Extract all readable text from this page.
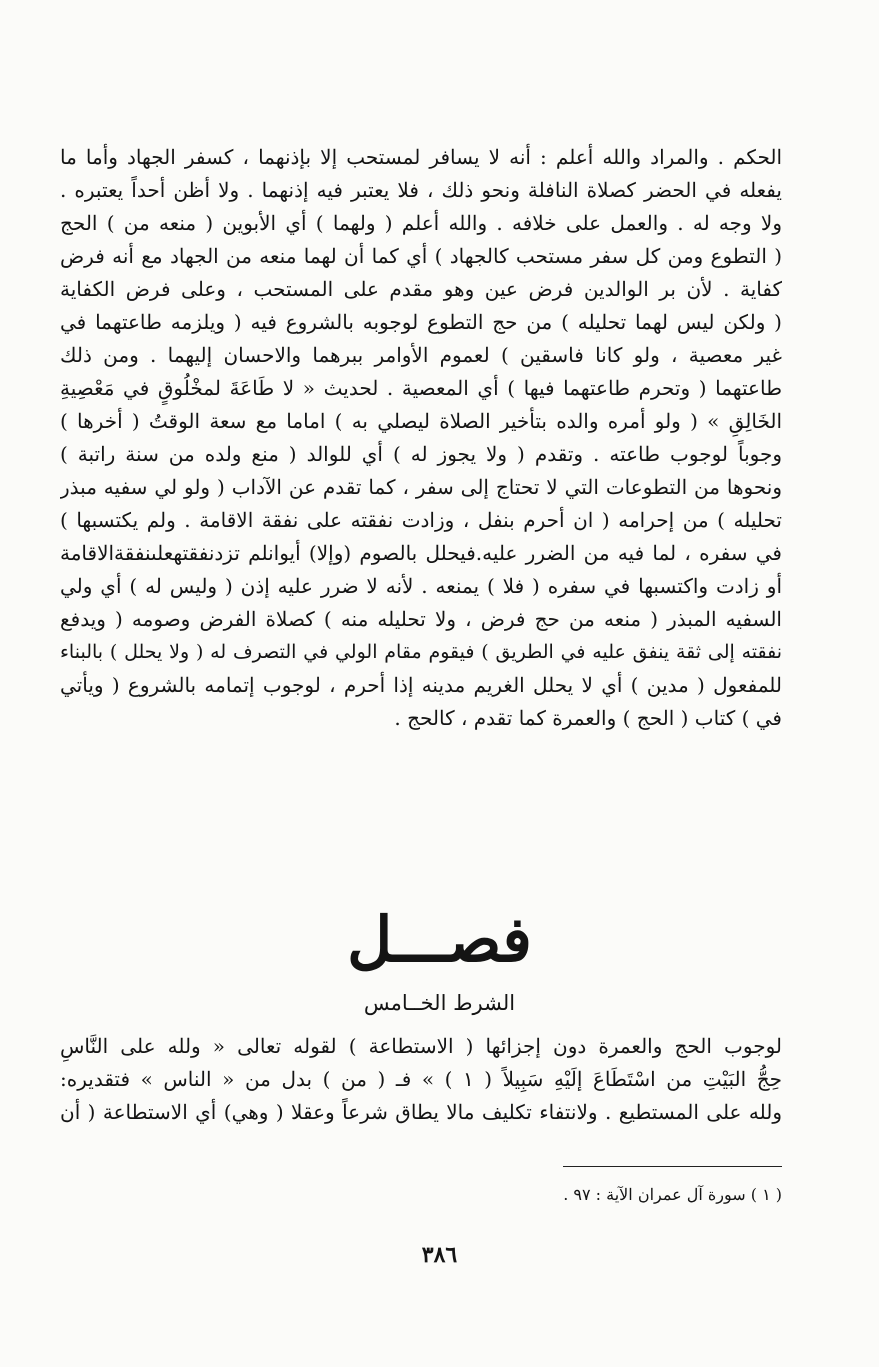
الحكم . والمراد والله أعلم : أنه لا يسافر لمستحب إلا بإذنهما ، كسفر الجهاد وأما ما
يفعله في الحضر كصلاة النافلة ونحو ذلك ، فلا يعتبر فيه إذنهما . ولا أظن أحداً يعتبره .
ولا وجه له . والعمل على خلافه . والله أعلم ( ولهما ) أي الأبوين ( منعه من ) الحج
( التطوع ومن كل سفر مستحب كالجهاد ) أي كما أن لهما منعه من الجهاد مع أنه فرض
كفاية . لأن بر الوالدين فرض عين وهو مقدم على المستحب ، وعلى فرض الكفاية
( ولكن ليس لهما تحليله ) من حج التطوع لوجوبه بالشروع فيه ( ويلزمه طاعتهما في
غير معصية ، ولو كانا فاسقين ) لعموم الأوامر ببرهما والاحسان إليهما . ومن ذلك
طاعتهما ( وتحرم طاعتهما فيها ) أي المعصية . لحديث « لا طَاعَةَ لمخْلُوقٍ في مَعْصِيةِ
الخَالِقِ » ( ولو أمره والده بتأخير الصلاة ليصلي به ) اماما مع سعة الوقتُ ( أخرها )
وجوباً لوجوب طاعته . وتقدم ( ولا يجوز له ) أي للوالد ( منع ولده من سنة راتبة )
ونحوها من التطوعات التي لا تحتاج إلى سفر ، كما تقدم عن الآداب ( ولو لي سفيه مبذر
تحليله ) من إحرامه ( ان أحرم بنفل ، وزادت نفقته على نفقة الاقامة . ولم يكتسبها )
في سفره ، لما فيه من الضرر عليه.فيحلل بالصوم (وإلا) أيوانلم تزدنفقتهعلىنفقةالاقامة
أو زادت واكتسبها في سفره ( فلا ) يمنعه . لأنه لا ضرر عليه إذن ( وليس له ) أي ولي
السفيه المبذر ( منعه من حج فرض ، ولا تحليله منه ) كصلاة الفرض وصومه ( ويدفع
نفقته إلى ثقة ينفق عليه في الطريق ) فيقوم مقام الولي في التصرف له ( ولا يحلل ) بالبناء
للمفعول ( مدين ) أي لا يحلل الغريم مدينه إذا أحرم ، لوجوب إتمامه بالشروع ( ويأتي
في ) كتاب ( الحج ) والعمرة كما تقدم ، كالحج .
فصـــل
الشرط الخــامس
لوجوب الحج والعمرة دون إجزائها ( الاستطاعة ) لقوله تعالى « ولله على النَّاسِ
حِجُّ البَيْتِ من اسْتَطَاعَ إلَيْهِ سَبِيلاً ( ١ ) » فـ ( من ) بدل من « الناس » فتقديره:
ولله على المستطيع . ولانتفاء تكليف مالا يطاق شرعاً وعقلا ( وهي) أي الاستطاعة ( أن
( ١ ) سورة آل عمران الآية : ٩٧ .
٣٨٦
